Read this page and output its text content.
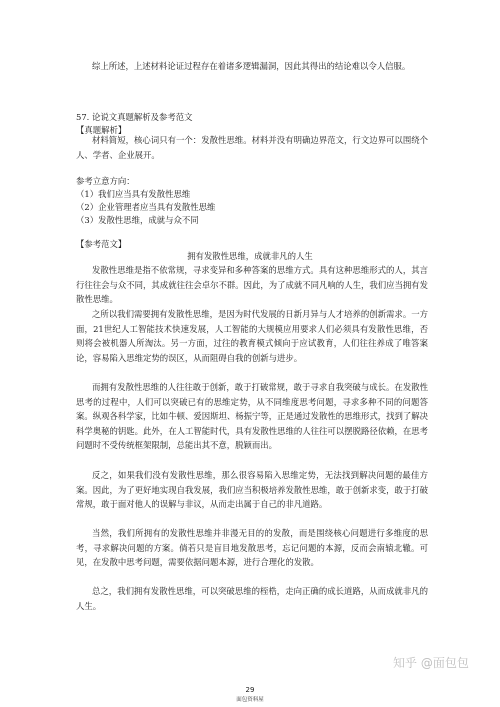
综上所述，上述材料论证过程存在着诸多逻辑漏洞，因此其得出的结论难以令人信服。
57. 论说文真题解析及参考范文
【真题解析】
材料简短，核心词只有一个：发散性思维。材料并没有明确边界范文，行文边界可以围绕个人、学者、企业展开。
参考立意方向：
（1）我们应当具有发散性思维
（2）企业管理者应当具有发散性思维
（3）发散性思维，成就与众不同
【参考范文】
拥有发散性思维，成就非凡的人生
发散性思维是指不依常规，寻求变异和多种答案的思维方式。具有这种思维形式的人，其言行往往会与众不同，其成就往往会卓尔不群。因此，为了成就不同凡响的人生，我们应当拥有发散性思维。
之所以我们需要拥有发散性思维，是因为时代发展的日新月异与人才培养的创新需求。一方面，21世纪人工智能技术快速发展，人工智能的大规模应用要求人们必须具有发散性思维，否则将会被机器人所淘汰。另一方面，过往的教育模式倾向于应试教育，人们往往养成了唯答案论，容易陷入思维定势的误区，从而阻碍自我的创新与进步。
而拥有发散性思维的人往往敢于创新，敢于打破常规，敢于寻求自我突破与成长。在发散性思考的过程中，人们可以突破已有的思维定势，从不同维度思考问题，寻求多种不同的问题答案。纵观各科学家，比如牛顿、爱因斯坦、杨振宁等，正是通过发散性的思维形式，找到了解决科学奥秘的钥匙。此外，在人工智能时代，具有发散性思维的人往往可以摆脱路径依赖，在思考问题时不受传统框架限制，总能出其不意，脱颖而出。
反之，如果我们没有发散性思维，那么很容易陷入思维定势，无法找到解决问题的最佳方案。因此，为了更好地实现自我发展，我们应当积极培养发散性思维，敢于创新求变，敢于打破常规，敢于面对他人的误解与非议，从而走出属于自己的非凡道路。
当然，我们所拥有的发散性思维并非漫无目的的发散，而是围绕核心问题进行多维度的思考，寻求解决问题的方案。倘若只是盲目地发散思考，忘记问题的本源，反而会南辕北辙。可见，在发散中思考问题，需要依据问题本源，进行合理化的发散。
总之，我们拥有发散性思维，可以突破思维的桎梏，走向正确的成长道路，从而成就非凡的人生。
知乎 @面包包
29
面包资料屋
